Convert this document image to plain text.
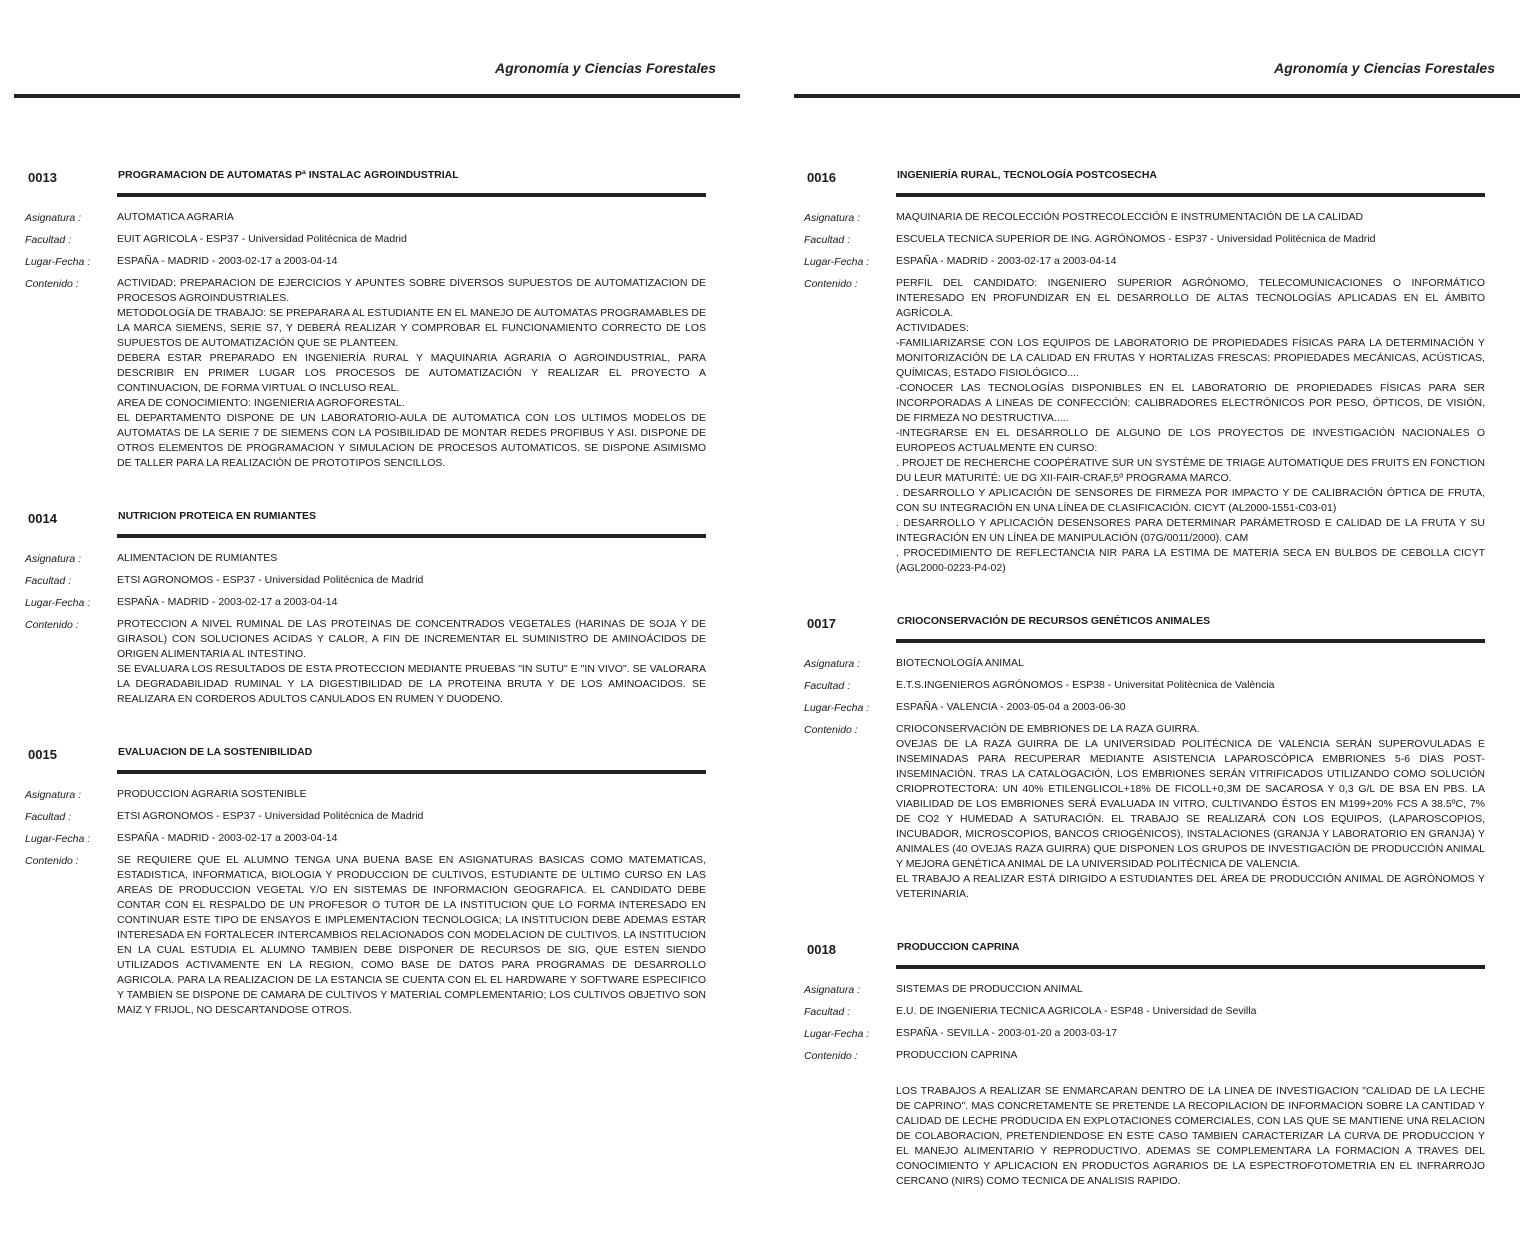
Agronomía y Ciencias Forestales
0013	PROGRAMACION DE AUTOMATAS Pª INSTALAC AGROINDUSTRIAL
Asignatura :	AUTOMATICA AGRARIA
Facultad :	EUIT AGRICOLA - ESP37 - Universidad Politécnica de Madrid
Lugar-Fecha :	ESPAÑA - MADRID - 2003-02-17 a 2003-04-14
Contenido :	ACTIVIDAD: PREPARACION DE EJERCICIOS Y APUNTES SOBRE DIVERSOS SUPUESTOS DE AUTOMATIZACION DE PROCESOS AGROINDUSTRIALES.

METODOLOGÍA DE TRABAJO: SE PREPARARA AL ESTUDIANTE EN EL MANEJO DE AUTOMATAS PROGRAMABLES DE LA MARCA SIEMENS, SERIE S7, Y DEBERÁ REALIZAR Y COMPROBAR EL FUNCIONAMIENTO CORRECTO DE LOS SUPUESTOS DE AUTOMATIZACIÓN QUE SE PLANTEEN.

DEBERA ESTAR PREPARADO EN INGENIERÍA RURAL Y MAQUINARIA AGRARIA O AGROINDUSTRIAL, PARA DESCRIBIR EN PRIMER LUGAR LOS PROCESOS DE AUTOMATIZACIÓN Y REALIZAR EL PROYECTO A CONTINUACION, DE FORMA VIRTUAL O INCLUSO REAL.

AREA DE CONOCIMIENTO: INGENIERIA AGROFORESTAL.

EL DEPARTAMENTO DISPONE DE UN LABORATORIO-AULA DE AUTOMATICA CON LOS ULTIMOS MODELOS DE AUTOMATAS DE LA SERIE 7 DE SIEMENS CON LA POSIBILIDAD DE MONTAR REDES PROFIBUS Y ASI. DISPONE DE OTROS ELEMENTOS DE PROGRAMACION Y SIMULACION DE PROCESOS AUTOMATICOS. SE DISPONE ASIMISMO DE TALLER PARA LA REALIZACIÓN DE PROTOTIPOS SENCILLOS.

0014	NUTRICION PROTEICA EN RUMIANTES
Asignatura :	ALIMENTACION DE RUMIANTES
Facultad :	ETSI AGRONOMOS - ESP37 - Universidad Politécnica de Madrid
Lugar-Fecha :	ESPAÑA - MADRID - 2003-02-17 a 2003-04-14
Contenido :	PROTECCION A NIVEL RUMINAL DE LAS PROTEINAS DE CONCENTRADOS VEGETALES (HARINAS DE SOJA Y DE GIRASOL) CON SOLUCIONES ACIDAS Y CALOR, A FIN DE INCREMENTAR EL SUMINISTRO DE AMINOÁCIDOS DE ORIGEN ALIMENTARIA AL INTESTINO.

SE EVALUARA LOS RESULTADOS DE ESTA PROTECCION MEDIANTE PRUEBAS "IN SUTU" E "IN VIVO". SE VALORARA LA DEGRADABILIDAD RUMINAL Y LA DIGESTIBILIDAD DE LA PROTEINA BRUTA Y DE LOS AMINOACIDOS. SE REALIZARA EN CORDEROS ADULTOS CANULADOS EN RUMEN Y DUODENO.

0015	EVALUACION DE LA SOSTENIBILIDAD
Asignatura :	PRODUCCION AGRARIA SOSTENIBLE
Facultad :	ETSI AGRONOMOS - ESP37 - Universidad Politécnica de Madrid
Lugar-Fecha :	ESPAÑA - MADRID - 2003-02-17 a 2003-04-14
Contenido :	SE REQUIERE QUE EL ALUMNO TENGA UNA BUENA BASE EN ASIGNATURAS BASICAS COMO MATEMATICAS, ESTADISTICA, INFORMATICA, BIOLOGIA Y PRODUCCION DE CULTIVOS, ESTUDIANTE DE ULTIMO CURSO EN LAS AREAS DE PRODUCCION VEGETAL Y/O EN SISTEMAS DE INFORMACION GEOGRAFICA. EL CANDIDATO DEBE CONTAR CON EL RESPALDO DE UN PROFESOR O TUTOR DE LA INSTITUCION QUE LO FORMA INTERESADO EN CONTINUAR ESTE TIPO DE ENSAYOS E IMPLEMENTACION TECNOLOGICA; LA INSTITUCION DEBE ADEMAS ESTAR INTERESADA EN FORTALECER INTERCAMBIOS RELACIONADOS CON MODELACION DE CULTIVOS. LA INSTITUCION EN LA CUAL ESTUDIA EL ALUMNO TAMBIEN DEBE DISPONER DE RECURSOS DE SIG, QUE ESTEN SIENDO UTILIZADOS ACTIVAMENTE EN LA REGION, COMO BASE DE DATOS PARA PROGRAMAS DE DESARROLLO AGRICOLA. PARA LA REALIZACION DE LA ESTANCIA SE CUENTA CON EL EL HARDWARE Y SOFTWARE ESPECIFICO Y TAMBIEN SE DISPONE DE CAMARA DE CULTIVOS Y MATERIAL COMPLEMENTARIO; LOS CULTIVOS OBJETIVO SON MAIZ Y FRIJOL, NO DESCARTANDOSE OTROS.

Agronomía y Ciencias Forestales
0016	INGENIERÍA RURAL, TECNOLOGÍA POSTCOSECHA
Asignatura :	MAQUINARIA DE RECOLECCIÓN POSTRECOLECCIÓN E INSTRUMENTACIÓN DE LA CALIDAD
Facultad :	ESCUELA TECNICA SUPERIOR DE ING. AGRÓNOMOS - ESP37 - Universidad Politécnica de Madrid
Lugar-Fecha :	ESPAÑA - MADRID - 2003-02-17 a 2003-04-14
Contenido :	PERFIL DEL CANDIDATO: INGENIERO SUPERIOR AGRÓNOMO, TELECOMUNICACIONES O INFORMÁTICO INTERESADO EN PROFUNDIZAR EN EL DESARROLLO DE ALTAS TECNOLOGÍAS APLICADAS EN EL ÁMBITO AGRÍCOLA.

ACTIVIDADES:

-FAMILIARIZARSE CON LOS EQUIPOS DE LABORATORIO DE PROPIEDADES FÍSICAS PARA LA DETERMINACIÓN Y MONITORIZACIÓN DE LA CALIDAD EN FRUTAS Y HORTALIZAS FRESCAS: PROPIEDADES MECÁNICAS, ACÚSTICAS, QUÍMICAS, ESTADO FISIOLÓGICO....

-CONOCER LAS TECNOLOGÍAS DISPONIBLES EN EL LABORATORIO DE PROPIEDADES FÍSICAS PARA SER INCORPORADAS A LINEAS DE CONFECCIÓN: CALIBRADORES ELECTRÓNICOS POR PESO, ÓPTICOS, DE VISIÓN, DE FIRMEZA NO DESTRUCTIVA.....

-INTEGRARSE EN EL DESARROLLO DE ALGUNO DE LOS PROYECTOS DE INVESTIGACIÓN NACIONALES O EUROPEOS ACTUALMENTE EN CURSO:

. PROJET DE RECHERCHE COOPÉRATIVE SUR UN SYSTÈME DE TRIAGE AUTOMATIQUE DES FRUITS EN FONCTION DU LEUR MATURITÉ: UE DG XII-FAIR-CRAF,5º PROGRAMA MARCO.

. DESARROLLO Y APLICACIÓN DE SENSORES DE FIRMEZA POR IMPACTO Y DE CALIBRACIÓN ÓPTICA DE FRUTA, CON SU INTEGRACIÓN EN UNA LÍNEA DE CLASIFICACIÓN. CICYT (AL2000-1551-C03-01)

. DESARROLLO Y APLICACIÓN DESENSORES PARA DETERMINAR PARÁMETROSD E CALIDAD DE LA FRUTA Y SU INTEGRACIÓN EN UN LÍNEA DE MANIPULACIÓN (07G/0011/2000). CAM

. PROCEDIMIENTO DE REFLECTANCIA NIR PARA LA ESTIMA DE MATERIA SECA EN BULBOS DE CEBOLLA CICYT (AGL2000-0223-P4-02)

0017	CRIOCONSERVACIÓN DE RECURSOS GENÉTICOS ANIMALES
Asignatura :	BIOTECNOLOGÍA ANIMAL
Facultad :	E.T.S.INGENIEROS AGRÓNOMOS - ESP38 - Universitat Politècnica de València
Lugar-Fecha :	ESPAÑA - VALENCIA - 2003-05-04 a 2003-06-30
Contenido :	CRIOCONSERVACIÓN DE EMBRIONES DE LA RAZA GUIRRA.

OVEJAS DE LA RAZA GUIRRA DE LA UNIVERSIDAD POLITÉCNICA DE VALENCIA SERÁN SUPEROVULADAS E INSEMINADAS PARA RECUPERAR MEDIANTE ASISTENCIA LAPAROSCÓPICA EMBRIONES 5-6 DÍAS POST-INSEMINACIÓN. TRAS LA CATALOGACIÓN, LOS EMBRIONES SERÁN VITRIFICADOS UTILIZANDO COMO SOLUCIÓN CRIOPROTECTORA: UN 40% ETILENGLICOL+18% DE FICOLL+0,3M DE SACAROSA Y 0,3 G/L DE BSA EN PBS. LA VIABILIDAD DE LOS EMBRIONES SERÁ EVALUADA IN VITRO, CULTIVANDO ÉSTOS EN M199+20% FCS A 38.5ºC, 7% DE CO2 Y HUMEDAD A SATURACIÓN. EL TRABAJO SE REALIZARÁ CON LOS EQUIPOS, (LAPAROSCOPIOS, INCUBADOR, MICROSCOPIOS, BANCOS CRIOGÉNICOS), INSTALACIONES (GRANJA Y LABORATORIO EN GRANJA) Y ANIMALES (40 OVEJAS RAZA GUIRRA) QUE DISPONEN LOS GRUPOS DE INVESTIGACIÓN DE PRODUCCIÓN ANIMAL Y MEJORA GENÉTICA ANIMAL DE LA UNIVERSIDAD POLITÉCNICA DE VALENCIA.

EL TRABAJO A REALIZAR ESTÁ DIRIGIDO A ESTUDIANTES DEL ÁREA DE PRODUCCIÓN ANIMAL DE AGRÓNOMOS Y VETERINARIA.

0018	PRODUCCION CAPRINA
Asignatura :	SISTEMAS DE PRODUCCION ANIMAL
Facultad :	E.U. DE INGENIERIA TECNICA AGRICOLA - ESP48 - Universidad de Sevilla
Lugar-Fecha :	ESPAÑA - SEVILLA - 2003-01-20 a 2003-03-17
Contenido :	PRODUCCION CAPRINA

LOS TRABAJOS A REALIZAR SE ENMARCARAN DENTRO DE LA LINEA DE INVESTIGACION "CALIDAD DE LA LECHE DE CAPRINO". MAS CONCRETAMENTE SE PRETENDE LA RECOPILACION DE INFORMACION SOBRE LA CANTIDAD Y CALIDAD DE LECHE PRODUCIDA EN EXPLOTACIONES COMERCIALES, CON LAS QUE SE MANTIENE UNA RELACION DE COLABORACION, PRETENDIENDOSE EN ESTE CASO TAMBIEN CARACTERIZAR LA CURVA DE PRODUCCION Y EL MANEJO ALIMENTARIO Y REPRODUCTIVO. ADEMAS SE COMPLEMENTARA LA FORMACION A TRAVES DEL CONOCIMIENTO Y APLICACION EN PRODUCTOS AGRARIOS DE LA ESPECTROFOTOMETRIA EN EL INFRARROJO CERCANO (NIRS) COMO TECNICA DE ANALISIS RAPIDO.
